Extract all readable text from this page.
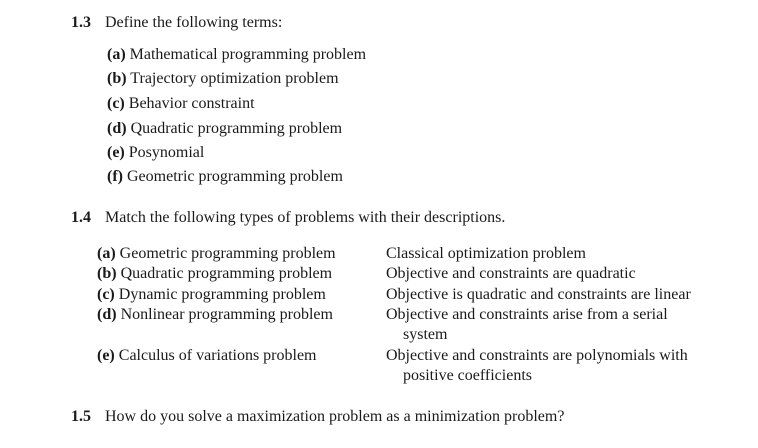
1.3 Define the following terms:
(a) Mathematical programming problem
(b) Trajectory optimization problem
(c) Behavior constraint
(d) Quadratic programming problem
(e) Posynomial
(f) Geometric programming problem
1.4 Match the following types of problems with their descriptions.
(a) Geometric programming problem
(b) Quadratic programming problem
(c) Dynamic programming problem
(d) Nonlinear programming problem
(e) Calculus of variations problem
Classical optimization problem
Objective and constraints are quadratic
Objective is quadratic and constraints are linear
Objective and constraints arise from a serial
system
Objective and constraints are polynomials with
positive coefficients
1.5 How do you solve a maximization problem as a minimization problem?
